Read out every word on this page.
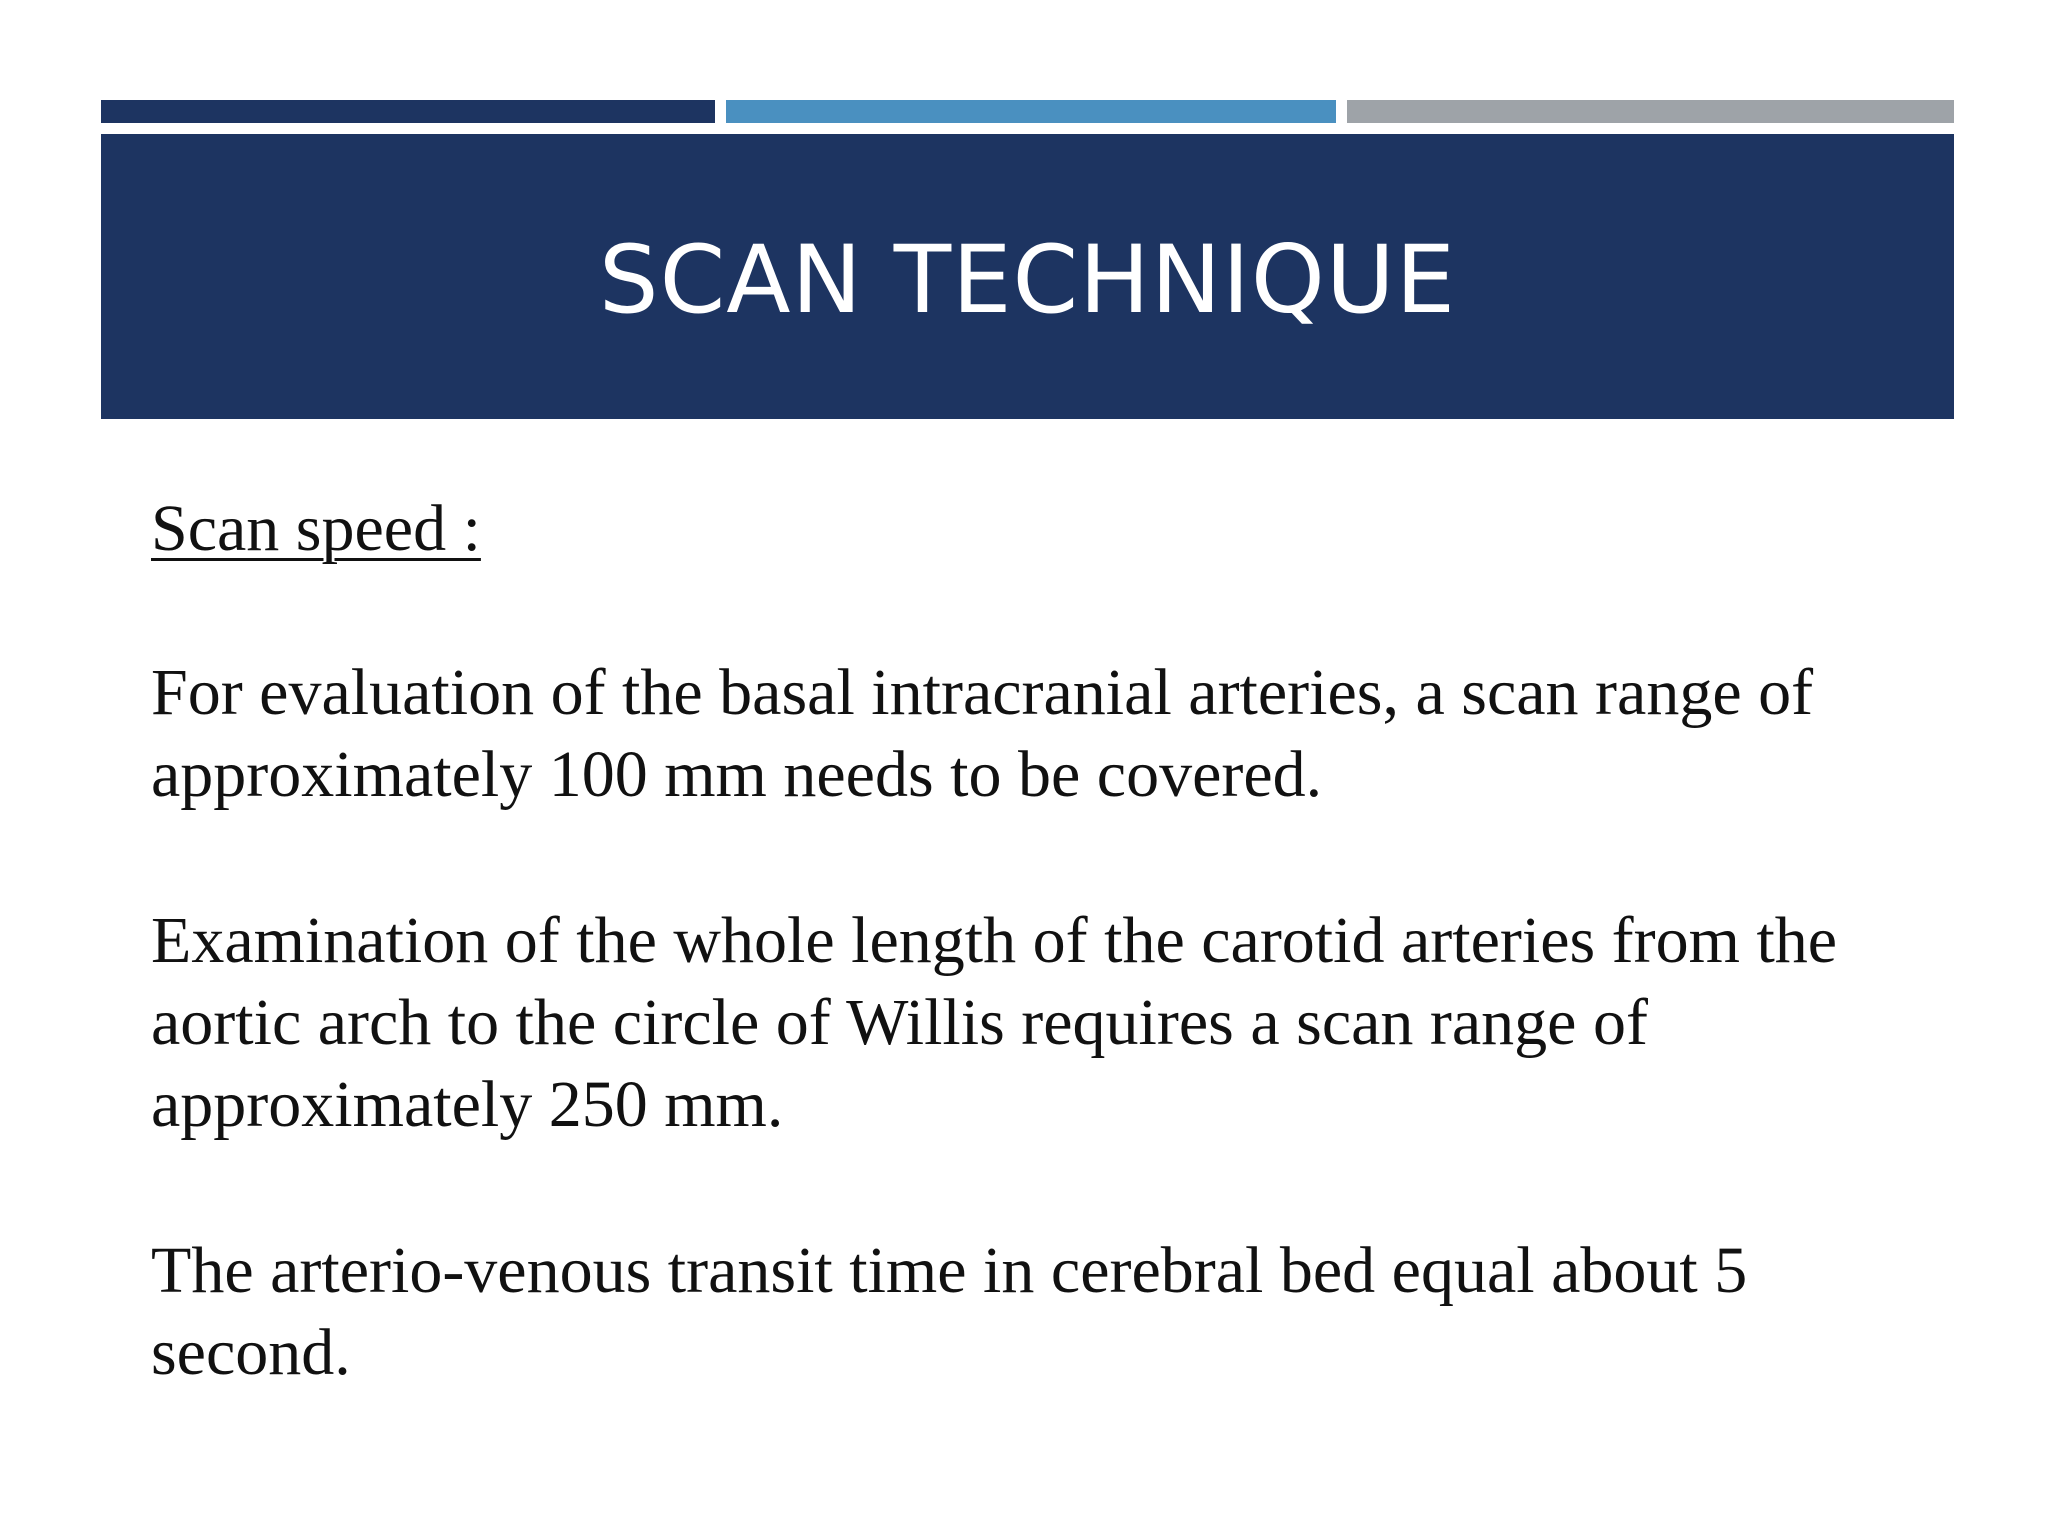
SCAN TECHNIQUE
Scan speed :
For evaluation of the basal intracranial arteries, a scan range of approximately 100 mm needs to be covered.
Examination of the whole length of the carotid arteries from the aortic arch to the circle of Willis requires a scan range of approximately 250 mm.
The arterio-venous transit time in cerebral bed equal about 5 second.
